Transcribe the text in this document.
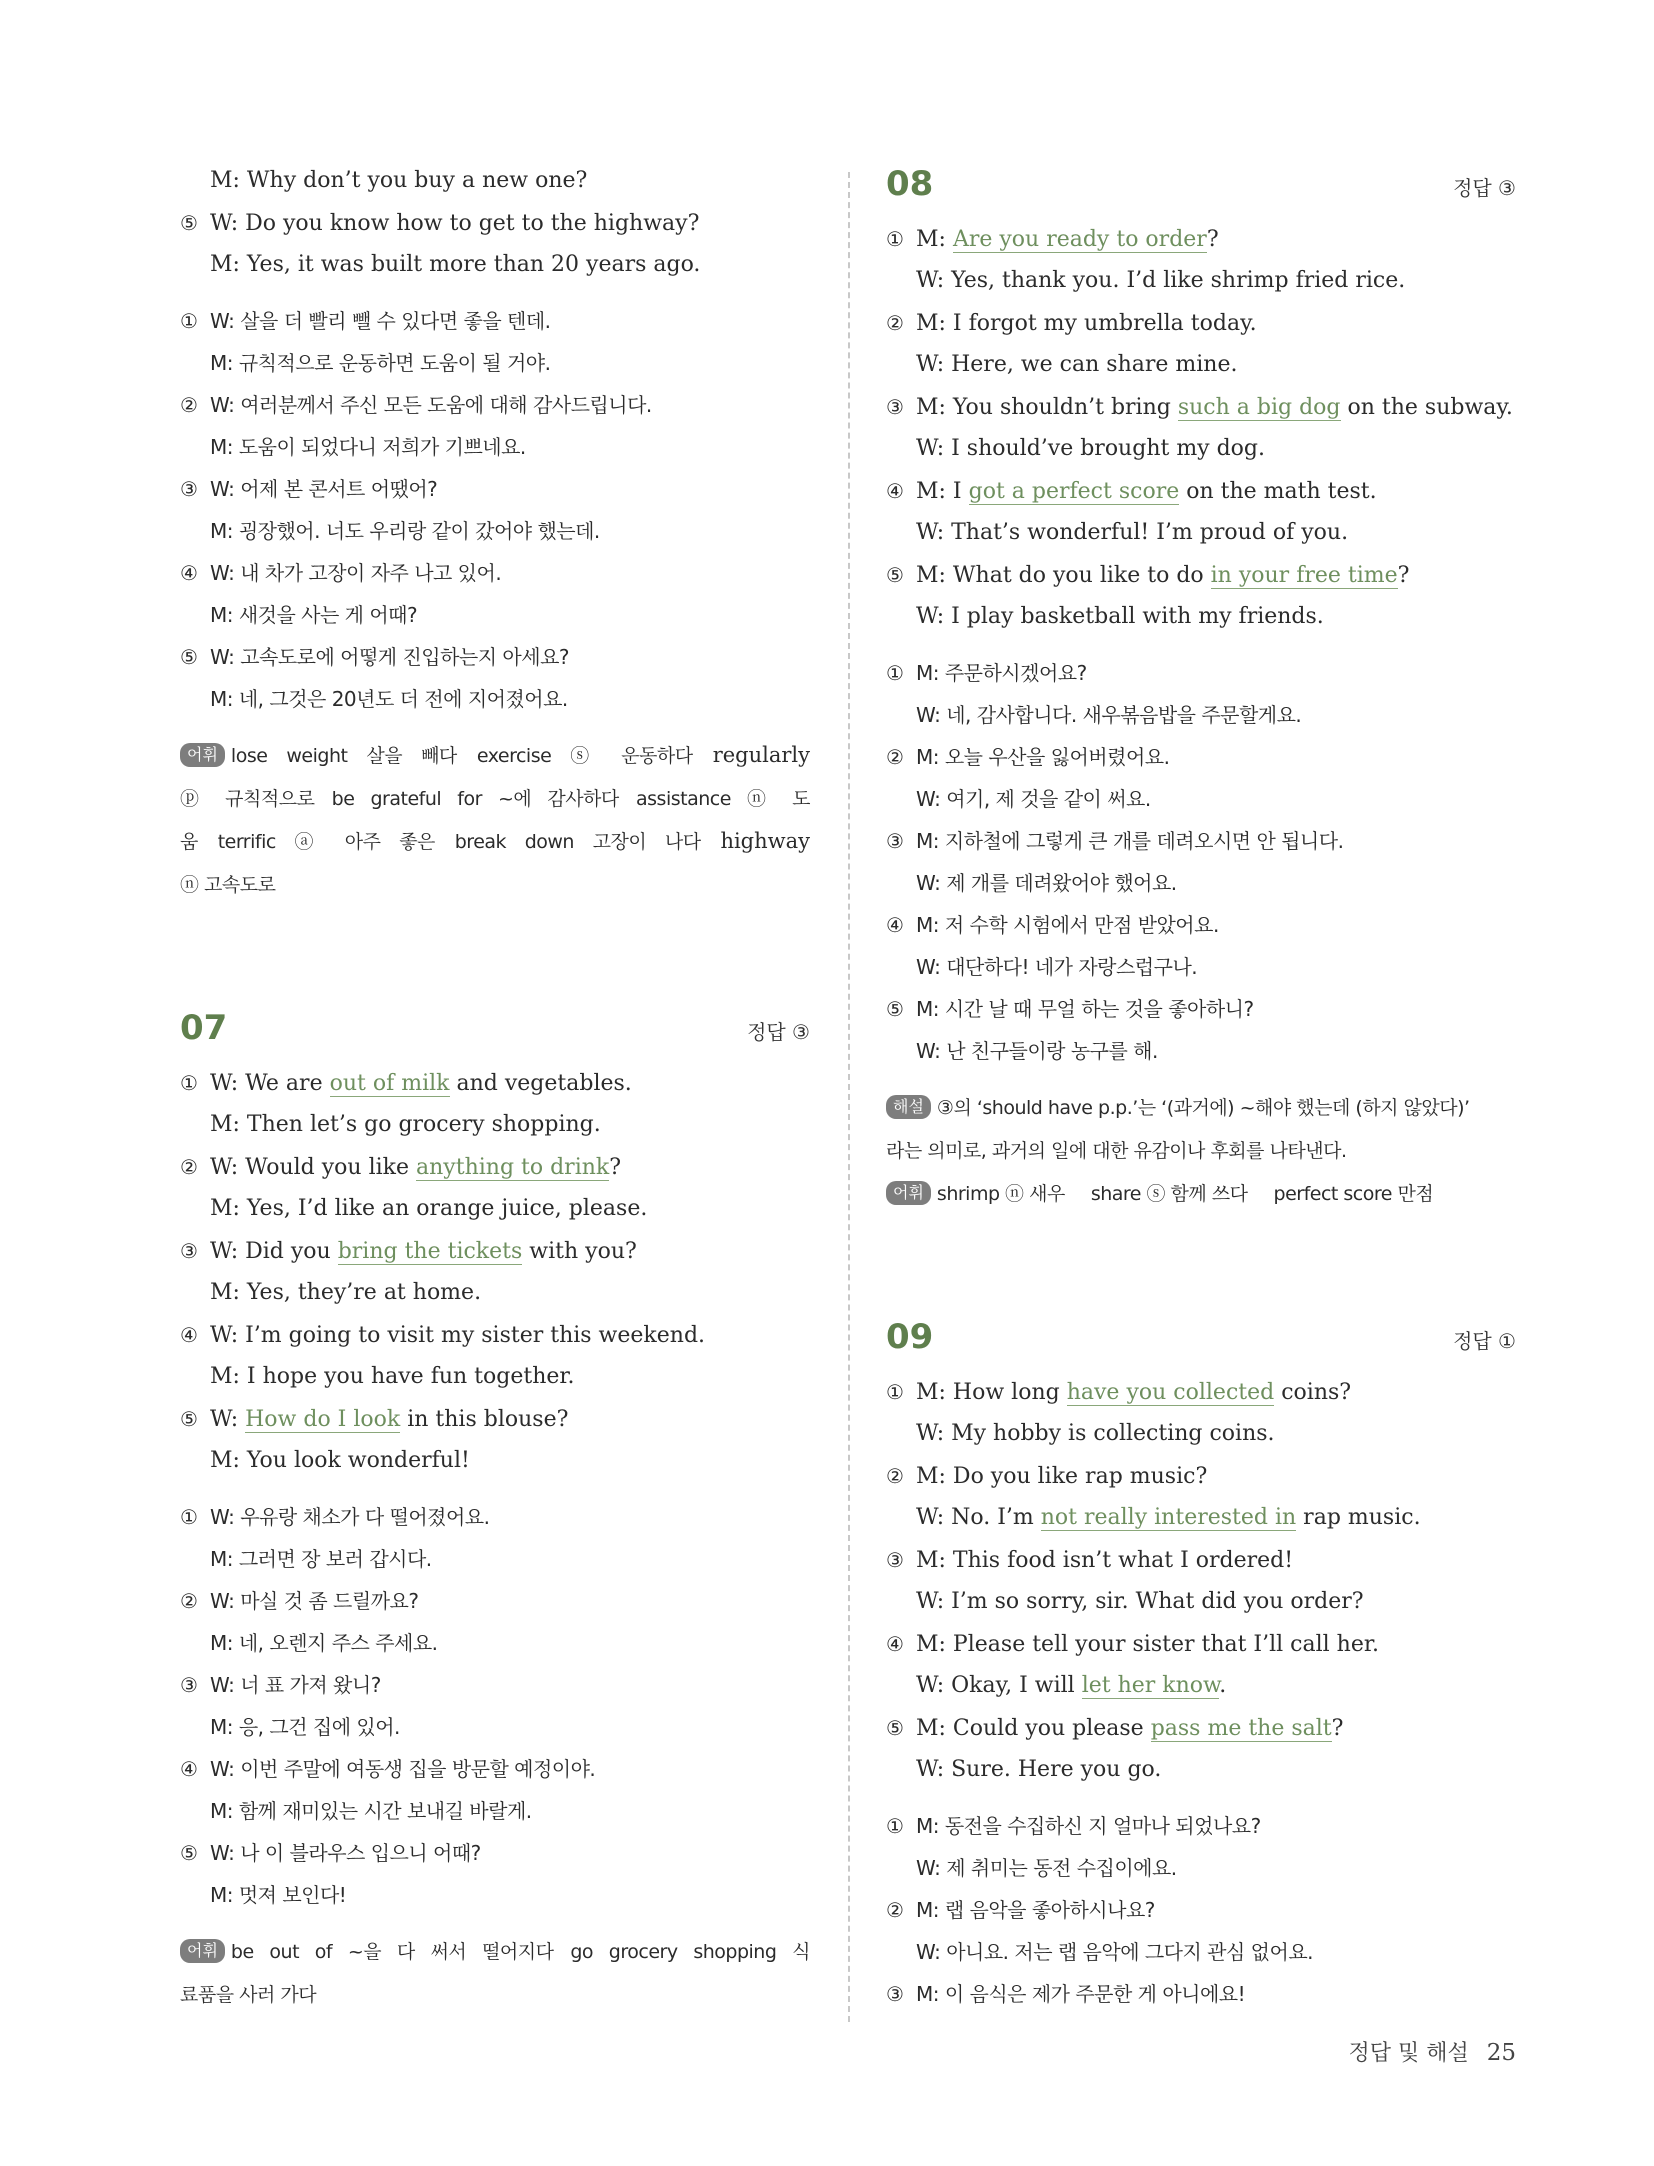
M: Why don’t you buy a new one?
⑤ W: Do you know how to get to the highway?
M: Yes, it was built more than 20 years ago.
① W: 살을 더 빨리 뺄 수 있다면 좋을 텐데.
M: 규칙적으로 운동하면 도움이 될 거야.
② W: 여러분께서 주신 모든 도움에 대해 감사드립니다.
M: 도움이 되었다니 저희가 기쁘네요.
③ W: 어제 본 콘서트 어땠어?
M: 굉장했어. 너도 우리랑 같이 갔어야 했는데.
④ W: 내 차가 고장이 자주 나고 있어.
M: 새것을 사는 게 어때?
⑤ W: 고속도로에 어떻게 진입하는지 아세요?
M: 네, 그것은 20년도 더 전에 지어졌어요.
어휘 lose weight 살을 빼다 exercise ⓢ 운동하다 regularly
ⓟ 규칙적으로 be grateful for ~에 감사하다 assistance ⓝ 도
움 terrific ⓐ 아주 좋은 break down 고장이 나다 highway
ⓝ 고속도로
07	정답 ③
① W: We are out of milk and vegetables.
M: Then let’s go grocery shopping.
② W: Would you like anything to drink?
M: Yes, I’d like an orange juice, please.
③ W: Did you bring the tickets with you?
M: Yes, they’re at home.
④ W: I’m going to visit my sister this weekend.
M: I hope you have fun together.
⑤ W: How do I look in this blouse?
M: You look wonderful!
① W: 우유랑 채소가 다 떨어졌어요.
M: 그러면 장 보러 갑시다.
② W: 마실 것 좀 드릴까요?
M: 네, 오렌지 주스 주세요.
③ W: 너 표 가져 왔니?
M: 응, 그건 집에 있어.
④ W: 이번 주말에 여동생 집을 방문할 예정이야.
M: 함께 재미있는 시간 보내길 바랄게.
⑤ W: 나 이 블라우스 입으니 어때?
M: 멋져 보인다!
어휘 be out of ~을 다 써서 떨어지다 go grocery shopping 식
료품을 사러 가다
08	정답 ③
① M: Are you ready to order?
W: Yes, thank you. I’d like shrimp fried rice.
② M: I forgot my umbrella today.
W: Here, we can share mine.
③ M: You shouldn’t bring such a big dog on the subway.
W: I should’ve brought my dog.
④ M: I got a perfect score on the math test.
W: That’s wonderful! I’m proud of you.
⑤ M: What do you like to do in your free time?
W: I play basketball with my friends.
① M: 주문하시겠어요?
W: 네, 감사합니다. 새우볶음밥을 주문할게요.
② M: 오늘 우산을 잃어버렸어요.
W: 여기, 제 것을 같이 써요.
③ M: 지하철에 그렇게 큰 개를 데려오시면 안 됩니다.
W: 제 개를 데려왔어야 했어요.
④ M: 저 수학 시험에서 만점 받았어요.
W: 대단하다! 네가 자랑스럽구나.
⑤ M: 시간 날 때 무얼 하는 것을 좋아하니?
W: 난 친구들이랑 농구를 해.
해설 ③의 ‘should have p.p.’는 ‘(과거에) ~해야 했는데 (하지 않았다)’
라는 의미로, 과거의 일에 대한 유감이나 후회를 나타낸다.
어휘 shrimp ⓝ 새우 share ⓢ 함께 쓰다 perfect score 만점
09	정답 ①
① M: How long have you collected coins?
W: My hobby is collecting coins.
② M: Do you like rap music?
W: No. I’m not really interested in rap music.
③ M: This food isn’t what I ordered!
W: I’m so sorry, sir. What did you order?
④ M: Please tell your sister that I’ll call her.
W: Okay, I will let her know.
⑤ M: Could you please pass me the salt?
W: Sure. Here you go.
① M: 동전을 수집하신 지 얼마나 되었나요?
W: 제 취미는 동전 수집이에요.
② M: 랩 음악을 좋아하시나요?
W: 아니요. 저는 랩 음악에 그다지 관심 없어요.
③ M: 이 음식은 제가 주문한 게 아니에요!
정답 및 해설 25
